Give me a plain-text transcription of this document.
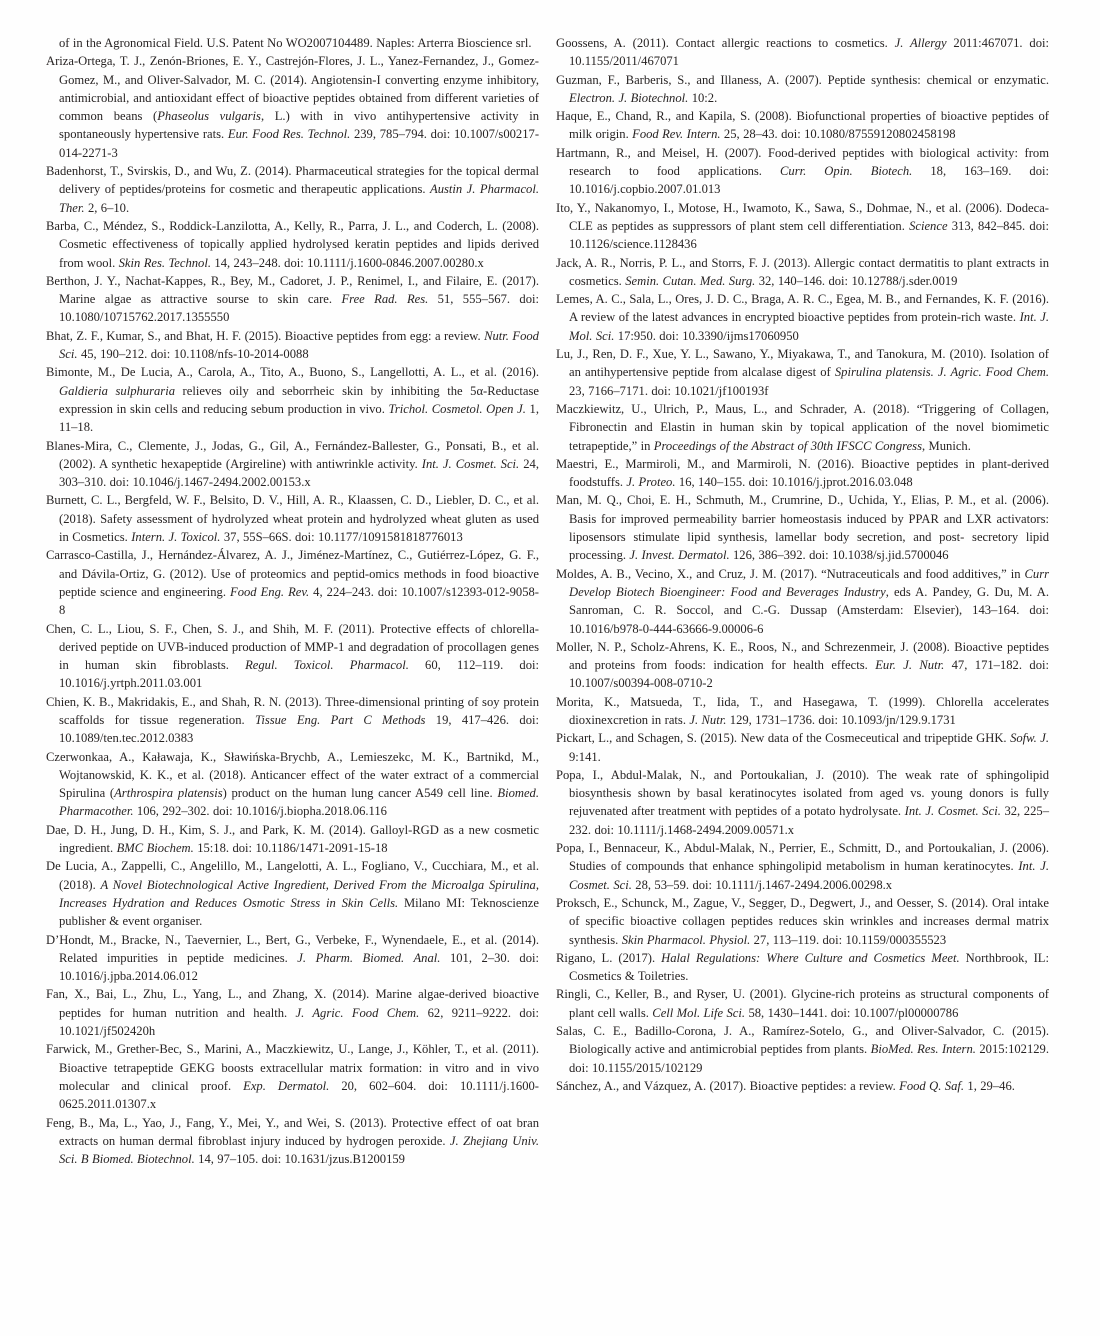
of in the Agronomical Field. U.S. Patent No WO2007104489. Naples: Arterra Bioscience srl.

Ariza-Ortega, T. J., Zenón-Briones, E. Y., Castrejón-Flores, J. L., Yanez-Fernandez, J., Gomez-Gomez, M., and Oliver-Salvador, M. C. (2014). Angiotensin-I converting enzyme inhibitory, antimicrobial, and antioxidant effect of bioactive peptides obtained from different varieties of common beans (Phaseolus vulgaris, L.) with in vivo antihypertensive activity in spontaneously hypertensive rats. Eur. Food Res. Technol. 239, 785–794. doi: 10.1007/s00217-014-2271-3

Badenhorst, T., Svirskis, D., and Wu, Z. (2014). Pharmaceutical strategies for the topical dermal delivery of peptides/proteins for cosmetic and therapeutic applications. Austin J. Pharmacol. Ther. 2, 6–10.

Barba, C., Méndez, S., Roddick-Lanzilotta, A., Kelly, R., Parra, J. L., and Coderch, L. (2008). Cosmetic effectiveness of topically applied hydrolysed keratin peptides and lipids derived from wool. Skin Res. Technol. 14, 243–248. doi: 10.1111/j.1600-0846.2007.00280.x

Berthon, J. Y., Nachat-Kappes, R., Bey, M., Cadoret, J. P., Renimel, I., and Filaire, E. (2017). Marine algae as attractive sourse to skin care. Free Rad. Res. 51, 555–567. doi: 10.1080/10715762.2017.1355550

Bhat, Z. F., Kumar, S., and Bhat, H. F. (2015). Bioactive peptides from egg: a review. Nutr. Food Sci. 45, 190–212. doi: 10.1108/nfs-10-2014-0088

Bimonte, M., De Lucia, A., Carola, A., Tito, A., Buono, S., Langellotti, A. L., et al. (2016). Galdieria sulphuraria relieves oily and seborrheic skin by inhibiting the 5α-Reductase expression in skin cells and reducing sebum production in vivo. Trichol. Cosmetol. Open J. 1, 11–18.

Blanes-Mira, C., Clemente, J., Jodas, G., Gil, A., Fernández-Ballester, G., Ponsati, B., et al. (2002). A synthetic hexapeptide (Argireline) with antiwrinkle activity. Int. J. Cosmet. Sci. 24, 303–310. doi: 10.1046/j.1467-2494.2002.00153.x

Burnett, C. L., Bergfeld, W. F., Belsito, D. V., Hill, A. R., Klaassen, C. D., Liebler, D. C., et al. (2018). Safety assessment of hydrolyzed wheat protein and hydrolyzed wheat gluten as used in Cosmetics. Intern. J. Toxicol. 37, 55S–66S. doi: 10.1177/1091581818776013

Carrasco-Castilla, J., Hernández-Álvarez, A. J., Jiménez-Martínez, C., Gutiérrez-López, G. F., and Dávila-Ortiz, G. (2012). Use of proteomics and peptid-omics methods in food bioactive peptide science and engineering. Food Eng. Rev. 4, 224–243. doi: 10.1007/s12393-012-9058-8

Chen, C. L., Liou, S. F., Chen, S. J., and Shih, M. F. (2011). Protective effects of chlorella-derived peptide on UVB-induced production of MMP-1 and degradation of procollagen genes in human skin fibroblasts. Regul. Toxicol. Pharmacol. 60, 112–119. doi: 10.1016/j.yrtph.2011.03.001

Chien, K. B., Makridakis, E., and Shah, R. N. (2013). Three-dimensional printing of soy protein scaffolds for tissue regeneration. Tissue Eng. Part C Methods 19, 417–426. doi: 10.1089/ten.tec.2012.0383

Czerwonkaa, A., Kaławaja, K., Sławińska-Brychb, A., Lemieszekc, M. K., Bartnikd, M., Wojtanowskid, K. K., et al. (2018). Anticancer effect of the water extract of a commercial Spirulina (Arthrospira platensis) product on the human lung cancer A549 cell line. Biomed. Pharmacother. 106, 292–302. doi: 10.1016/j.biopha.2018.06.116

Dae, D. H., Jung, D. H., Kim, S. J., and Park, K. M. (2014). Galloyl-RGD as a new cosmetic ingredient. BMC Biochem. 15:18. doi: 10.1186/1471-2091-15-18

De Lucia, A., Zappelli, C., Angelillo, M., Langelotti, A. L., Fogliano, V., Cucchiara, M., et al. (2018). A Novel Biotechnological Active Ingredient, Derived From the Microalga Spirulina, Increases Hydration and Reduces Osmotic Stress in Skin Cells. Milano MI: Teknoscienze publisher & event organiser.

D’Hondt, M., Bracke, N., Taevernier, L., Bert, G., Verbeke, F., Wynendaele, E., et al. (2014). Related impurities in peptide medicines. J. Pharm. Biomed. Anal. 101, 2–30. doi: 10.1016/j.jpba.2014.06.012

Fan, X., Bai, L., Zhu, L., Yang, L., and Zhang, X. (2014). Marine algae-derived bioactive peptides for human nutrition and health. J. Agric. Food Chem. 62, 9211–9222. doi: 10.1021/jf502420h

Farwick, M., Grether-Bec, S., Marini, A., Maczkiewitz, U., Lange, J., Köhler, T., et al. (2011). Bioactive tetrapeptide GEKG boosts extracellular matrix formation: in vitro and in vivo molecular and clinical proof. Exp. Dermatol. 20, 602–604. doi: 10.1111/j.1600-0625.2011.01307.x

Feng, B., Ma, L., Yao, J., Fang, Y., Mei, Y., and Wei, S. (2013). Protective effect of oat bran extracts on human dermal fibroblast injury induced by hydrogen peroxide. J. Zhejiang Univ. Sci. B Biomed. Biotechnol. 14, 97–105. doi: 10.1631/jzus.B1200159

Goossens, A. (2011). Contact allergic reactions to cosmetics. J. Allergy 2011:467071. doi: 10.1155/2011/467071

Guzman, F., Barberis, S., and Illaness, A. (2007). Peptide synthesis: chemical or enzymatic. Electron. J. Biotechnol. 10:2.

Haque, E., Chand, R., and Kapila, S. (2008). Biofunctional properties of bioactive peptides of milk origin. Food Rev. Intern. 25, 28–43. doi: 10.1080/87559120802458198

Hartmann, R., and Meisel, H. (2007). Food-derived peptides with biological activity: from research to food applications. Curr. Opin. Biotech. 18, 163–169. doi: 10.1016/j.copbio.2007.01.013

Ito, Y., Nakanomyo, I., Motose, H., Iwamoto, K., Sawa, S., Dohmae, N., et al. (2006). Dodeca-CLE as peptides as suppressors of plant stem cell differentiation. Science 313, 842–845. doi: 10.1126/science.1128436

Jack, A. R., Norris, P. L., and Storrs, F. J. (2013). Allergic contact dermatitis to plant extracts in cosmetics. Semin. Cutan. Med. Surg. 32, 140–146. doi: 10.12788/j.sder.0019

Lemes, A. C., Sala, L., Ores, J. D. C., Braga, A. R. C., Egea, M. B., and Fernandes, K. F. (2016). A review of the latest advances in encrypted bioactive peptides from protein-rich waste. Int. J. Mol. Sci. 17:950. doi: 10.3390/ijms17060950

Lu, J., Ren, D. F., Xue, Y. L., Sawano, Y., Miyakawa, T., and Tanokura, M. (2010). Isolation of an antihypertensive peptide from alcalase digest of Spirulina platensis. J. Agric. Food Chem. 23, 7166–7171. doi: 10.1021/jf100193f

Maczkiewitz, U., Ulrich, P., Maus, L., and Schrader, A. (2018). “Triggering of Collagen, Fibronectin and Elastin in human skin by topical application of the novel biomimetic tetrapeptide,” in Proceedings of the Abstract of 30th IFSCC Congress, Munich.

Maestri, E., Marmiroli, M., and Marmiroli, N. (2016). Bioactive peptides in plant-derived foodstuffs. J. Proteo. 16, 140–155. doi: 10.1016/j.jprot.2016.03.048

Man, M. Q., Choi, E. H., Schmuth, M., Crumrine, D., Uchida, Y., Elias, P. M., et al. (2006). Basis for improved permeability barrier homeostasis induced by PPAR and LXR activators: liposensors stimulate lipid synthesis, lamellar body secretion, and post- secretory lipid processing. J. Invest. Dermatol. 126, 386–392. doi: 10.1038/sj.jid.5700046

Moldes, A. B., Vecino, X., and Cruz, J. M. (2017). “Nutraceuticals and food additives,” in Curr Develop Biotech Bioengineer: Food and Beverages Industry, eds A. Pandey, G. Du, M. A. Sanroman, C. R. Soccol, and C.-G. Dussap (Amsterdam: Elsevier), 143–164. doi: 10.1016/b978-0-444-63666-9.00006-6

Moller, N. P., Scholz-Ahrens, K. E., Roos, N., and Schrezenmeir, J. (2008). Bioactive peptides and proteins from foods: indication for health effects. Eur. J. Nutr. 47, 171–182. doi: 10.1007/s00394-008-0710-2

Morita, K., Matsueda, T., Iida, T., and Hasegawa, T. (1999). Chlorella accelerates dioxinexcretion in rats. J. Nutr. 129, 1731–1736. doi: 10.1093/jn/129.9.1731

Pickart, L., and Schagen, S. (2015). New data of the Cosmeceutical and tripeptide GHK. Sofw. J. 9:141.

Popa, I., Abdul-Malak, N., and Portoukalian, J. (2010). The weak rate of sphingolipid biosynthesis shown by basal keratinocytes isolated from aged vs. young donors is fully rejuvenated after treatment with peptides of a potato hydrolysate. Int. J. Cosmet. Sci. 32, 225–232. doi: 10.1111/j.1468-2494.2009.00571.x

Popa, I., Bennaceur, K., Abdul-Malak, N., Perrier, E., Schmitt, D., and Portoukalian, J. (2006). Studies of compounds that enhance sphingolipid metabolism in human keratinocytes. Int. J. Cosmet. Sci. 28, 53–59. doi: 10.1111/j.1467-2494.2006.00298.x

Proksch, E., Schunck, M., Zague, V., Segger, D., Degwert, J., and Oesser, S. (2014). Oral intake of specific bioactive collagen peptides reduces skin wrinkles and increases dermal matrix synthesis. Skin Pharmacol. Physiol. 27, 113–119. doi: 10.1159/000355523

Rigano, L. (2017). Halal Regulations: Where Culture and Cosmetics Meet. Northbrook, IL: Cosmetics & Toiletries.

Ringli, C., Keller, B., and Ryser, U. (2001). Glycine-rich proteins as structural components of plant cell walls. Cell Mol. Life Sci. 58, 1430–1441. doi: 10.1007/pl00000786

Salas, C. E., Badillo-Corona, J. A., Ramírez-Sotelo, G., and Oliver-Salvador, C. (2015). Biologically active and antimicrobial peptides from plants. BioMed. Res. Intern. 2015:102129. doi: 10.1155/2015/102129

Sánchez, A., and Vázquez, A. (2017). Bioactive peptides: a review. Food Q. Saf. 1, 29–46.
